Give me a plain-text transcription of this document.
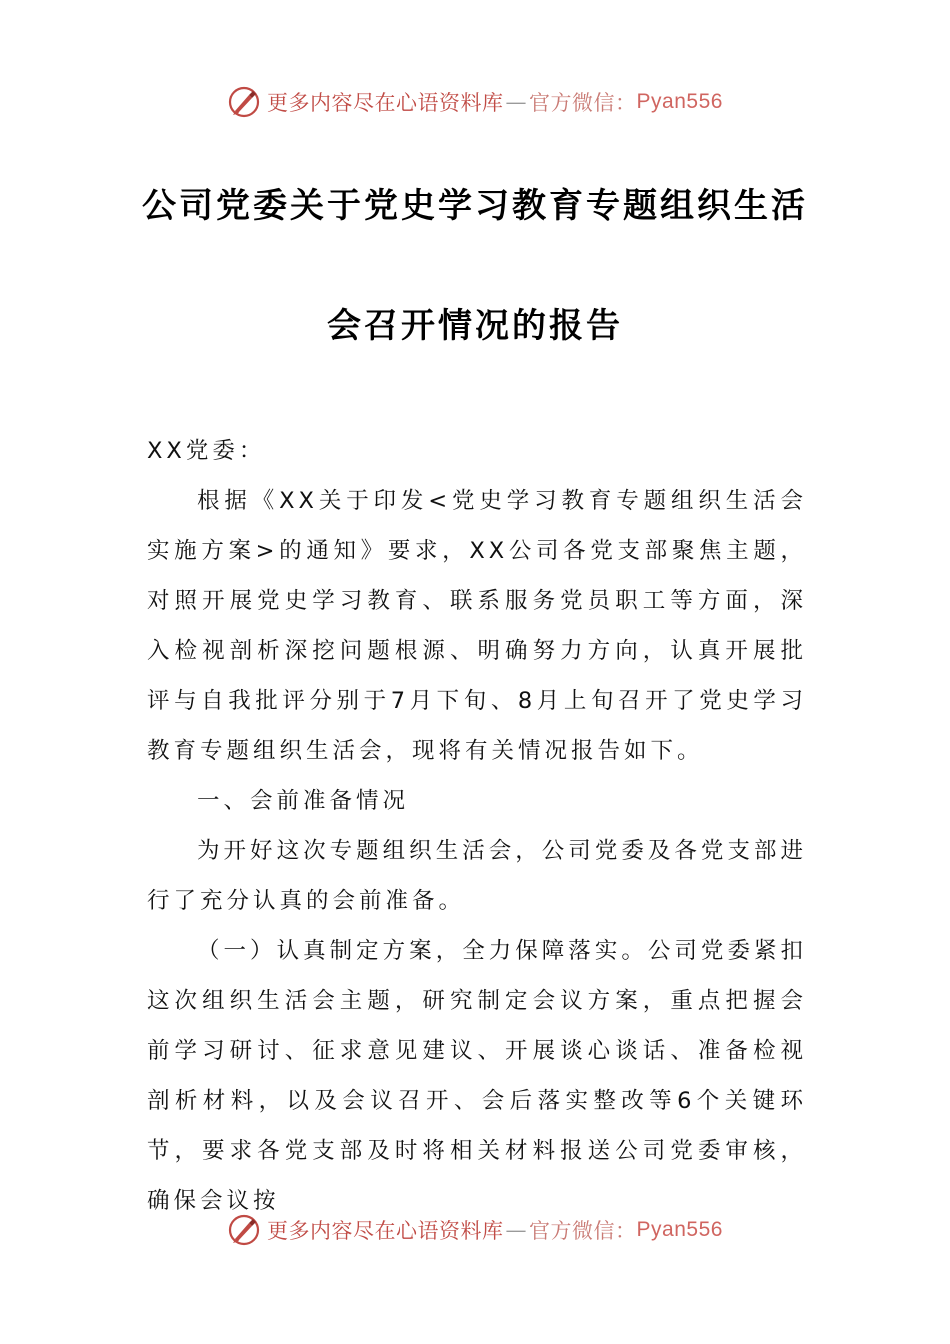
更多内容尽在心语资料库 — 官方微信： Pyan556
公司党委关于党史学习教育专题组织生活
会召开情况的报告

XX党委：

根据《XX关于印发<党史学习教育专题组织生活会实施方案>的通知》要求，XX公司各党支部聚焦主题，对照开展党史学习教育、联系服务党员职工等方面，深入检视剖析深挖问题根源、明确努力方向，认真开展批评与自我批评分别于7月下旬、8月上旬召开了党史学习教育专题组织生活会，现将有关情况报告如下。

一、会前准备情况

为开好这次专题组织生活会，公司党委及各党支部进行了充分认真的会前准备。

（一）认真制定方案，全力保障落实。公司党委紧扣这次组织生活会主题，研究制定会议方案，重点把握会前学习研讨、征求意见建议、开展谈心谈话、准备检视剖析材料，以及会议召开、会后落实整改等6个关键环节，要求各党支部及时将相关材料报送公司党委审核，确保会议按

更多内容尽在心语资料库 — 官方微信： Pyan556
